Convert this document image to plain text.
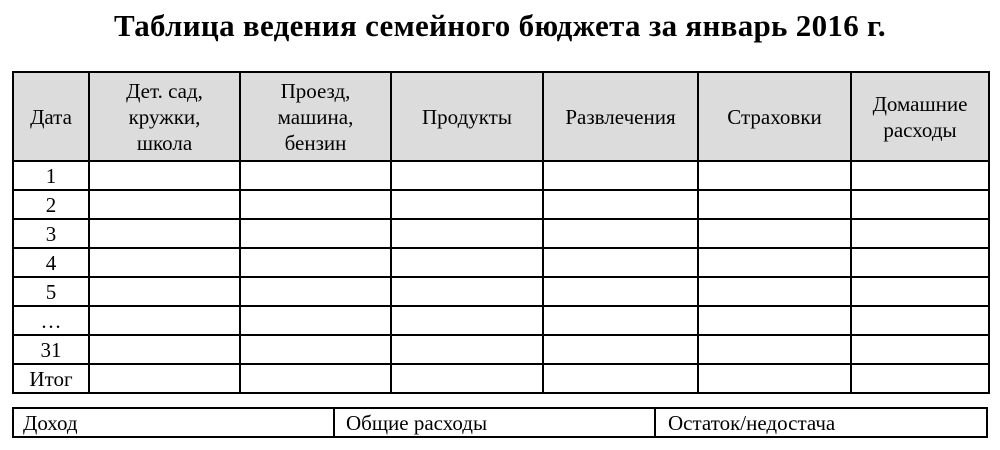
Таблица ведения семейного бюджета за январь 2016 г.
Дата	Дет. сад,
кружки,
школа	Проезд,
машина,
бензин	Продукты	Развлечения	Страховки	Домашние
расходы
1						
2						
3						
4						
5						
…						
31						
Итог						
Доход	Общие расходы	Остаток/недостача
